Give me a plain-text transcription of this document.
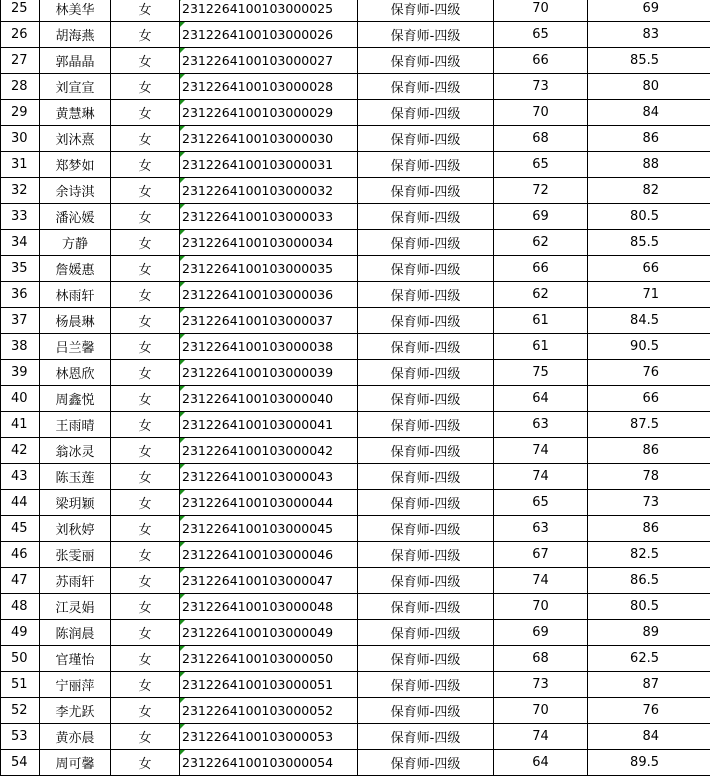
25	林美华	女	2312264100103000025	保育师-四级	70	69
26	胡海燕	女	2312264100103000026	保育师-四级	65	83
27	郭晶晶	女	2312264100103000027	保育师-四级	66	85.5
28	刘宣宣	女	2312264100103000028	保育师-四级	73	80
29	黄慧琳	女	2312264100103000029	保育师-四级	70	84
30	刘沐熹	女	2312264100103000030	保育师-四级	68	86
31	郑梦如	女	2312264100103000031	保育师-四级	65	88
32	余诗淇	女	2312264100103000032	保育师-四级	72	82
33	潘沁媛	女	2312264100103000033	保育师-四级	69	80.5
34	方静	女	2312264100103000034	保育师-四级	62	85.5
35	詹媛惠	女	2312264100103000035	保育师-四级	66	66
36	林雨轩	女	2312264100103000036	保育师-四级	62	71
37	杨晨琳	女	2312264100103000037	保育师-四级	61	84.5
38	吕兰馨	女	2312264100103000038	保育师-四级	61	90.5
39	林恩欣	女	2312264100103000039	保育师-四级	75	76
40	周鑫悦	女	2312264100103000040	保育师-四级	64	66
41	王雨晴	女	2312264100103000041	保育师-四级	63	87.5
42	翁冰灵	女	2312264100103000042	保育师-四级	74	86
43	陈玉莲	女	2312264100103000043	保育师-四级	74	78
44	梁玥颖	女	2312264100103000044	保育师-四级	65	73
45	刘秋婷	女	2312264100103000045	保育师-四级	63	86
46	张雯丽	女	2312264100103000046	保育师-四级	67	82.5
47	苏雨轩	女	2312264100103000047	保育师-四级	74	86.5
48	江灵娟	女	2312264100103000048	保育师-四级	70	80.5
49	陈润晨	女	2312264100103000049	保育师-四级	69	89
50	官瑾怡	女	2312264100103000050	保育师-四级	68	62.5
51	宁丽萍	女	2312264100103000051	保育师-四级	73	87
52	李尤跃	女	2312264100103000052	保育师-四级	70	76
53	黄亦晨	女	2312264100103000053	保育师-四级	74	84
54	周可馨	女	2312264100103000054	保育师-四级	64	89.5
